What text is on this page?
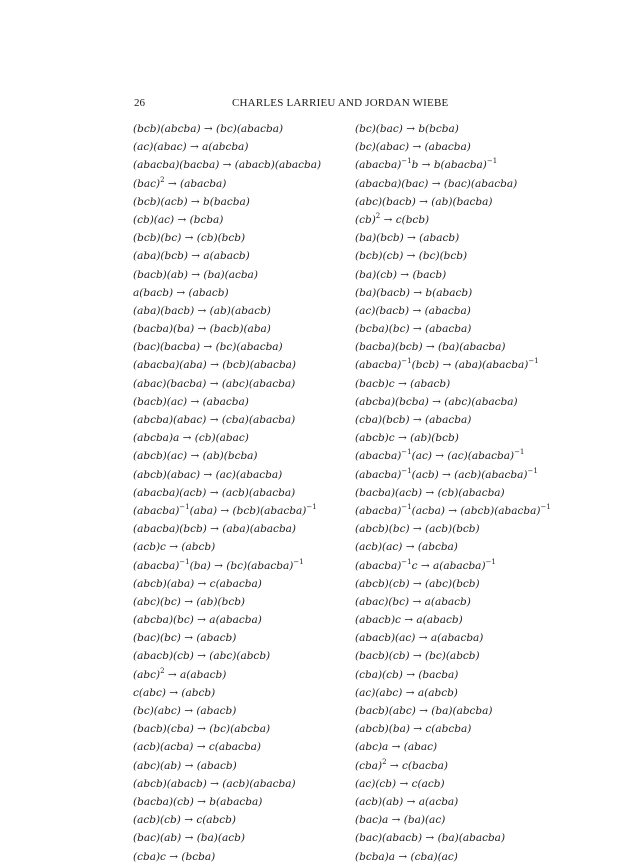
26	CHARLES LARRIEU AND JORDAN WIEBE
(bcb)(abcba) → (bc)(abacba)
(ac)(abac) → a(abcba)
(abacba)(bacba) → (abacb)(abacba)
(bac)$^2$ → (abacba)
(bcb)(acb) → b(bacba)
(cb)(ac) → (bcba)
(bcb)(bc) → (cb)(bcb)
(aba)(bcb) → a(abacb)
(bacb)(ab) → (ba)(acba)
a(bacb) → (abacb)
(aba)(bacb) → (ab)(abacb)
(bacba)(ba) → (bacb)(aba)
(bac)(bacba) → (bc)(abacba)
(abacba)(aba) → (bcb)(abacba)
(abac)(bacba) → (abc)(abacba)
(bacb)(ac) → (abacba)
(abcba)(abac) → (cba)(abacba)
(abcba)a → (cb)(abac)
(abcb)(ac) → (ab)(bcba)
(abcb)(abac) → (ac)(abacba)
(abacba)(acb) → (acb)(abacba)
(abacba)$^{-1}$(aba) → (bcb)(abacba)$^{-1}$
(abacba)(bcb) → (aba)(abacba)
(acb)c → (abcb)
(abacba)$^{-1}$(ba) → (bc)(abacba)$^{-1}$
(abcb)(aba) → c(abacba)
(abc)(bc) → (ab)(bcb)
(abcba)(bc) → a(abacba)
(bac)(bc) → (abacb)
(abacb)(cb) → (abc)(abcb)
(abc)$^2$ → a(abacb)
c(abc) → (abcb)
(bc)(abc) → (abacb)
(bacb)(cba) → (bc)(abcba)
(acb)(acba) → c(abacba)
(abc)(ab) → (abacb)
(abcb)(abacb) → (acb)(abacba)
(bacba)(cb) → b(abacba)
(acb)(cb) → c(abcb)
(bac)(ab) → (ba)(acb)
(cba)c → (bcba)
(bc)(bac) → b(bcba)
(bc)(abac) → (abacba)
(abacba)$^{-1}$b → b(abacba)$^{-1}$
(abacba)(bac) → (bac)(abacba)
(abc)(bacb) → (ab)(bacba)
(cb)$^2$ → c(bcb)
(ba)(bcb) → (abacb)
(bcb)(cb) → (bc)(bcb)
(ba)(cb) → (bacb)
(ba)(bacb) → b(abacb)
(ac)(bacb) → (abacba)
(bcba)(bc) → (abacba)
(bacba)(bcb) → (ba)(abacba)
(abacba)$^{-1}$(bcb) → (aba)(abacba)$^{-1}$
(bacb)c → (abacb)
(abcba)(bcba) → (abc)(abacba)
(cba)(bcb) → (abacba)
(abcb)c → (ab)(bcb)
(abacba)$^{-1}$(ac) → (ac)(abacba)$^{-1}$
(abacba)$^{-1}$(acb) → (acb)(abacba)$^{-1}$
(bacba)(acb) → (cb)(abacba)
(abacba)$^{-1}$(acba) → (abcb)(abacba)$^{-1}$
(abcb)(bc) → (acb)(bcb)
(acb)(ac) → (abcba)
(abacba)$^{-1}$c → a(abacba)$^{-1}$
(abcb)(cb) → (abc)(bcb)
(abac)(bc) → a(abacb)
(abacb)c → a(abacb)
(abacb)(ac) → a(abacba)
(bacb)(cb) → (bc)(abcb)
(cba)(cb) → (bacba)
(ac)(abc) → a(abcb)
(bacb)(abc) → (ba)(abcba)
(abcb)(ba) → c(abcba)
(abc)a → (abac)
(cba)$^2$ → c(bacba)
(ac)(cb) → c(acb)
(acb)(ab) → a(acba)
(bac)a → (ba)(ac)
(bac)(abacb) → (ba)(abacba)
(bcba)a → (cba)(ac)
